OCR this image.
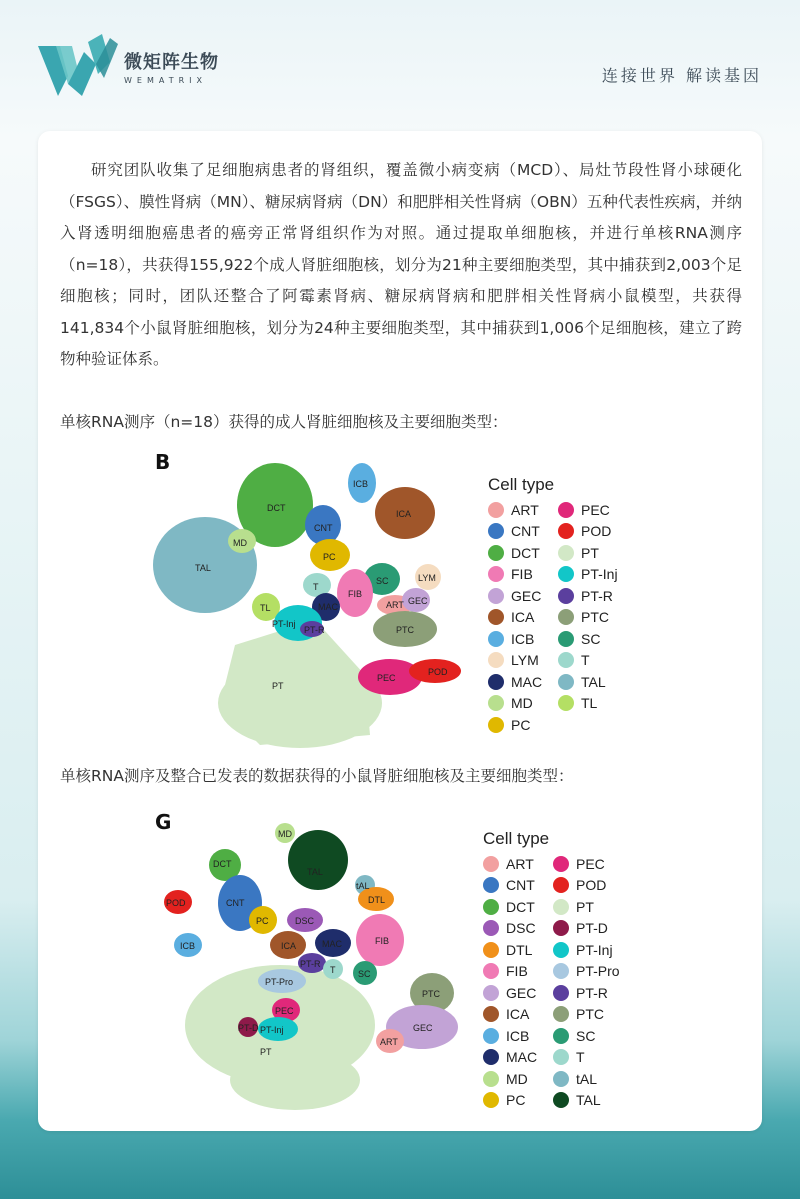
微矩阵生物
WEMATRIX	连接世界 解读基因

研究团队收集了足细胞病患者的肾组织，覆盖微小病变病（MCD）、局灶节段性肾小球硬化（FSGS）、膜性肾病（MN）、糖尿病肾病（DN）和肥胖相关性肾病（OBN）五种代表性疾病，并纳入肾透明细胞癌患者的癌旁正常肾组织作为对照。通过提取单细胞核，并进行单核RNA测序（n=18），共获得155,922个成人肾脏细胞核，划分为21种主要细胞类型，其中捕获到2,003个足细胞核；同时，团队还整合了阿霉素肾病、糖尿病肾病和肥胖相关性肾病小鼠模型，共获得141,834个小鼠肾脏细胞核，划分为24种主要细胞类型，其中捕获到1,006个足细胞核，建立了跨物种验证体系。

单核RNA测序（n=18）获得的成人肾脏细胞核及主要细胞类型：

单核RNA测序及整合已发表的数据获得的小鼠肾脏细胞核及主要细胞类型：

B
DCT
CNT
ICB
ICA
MD
PC
TAL
T
SC	LYM
TL
FIB
MAC	ART GEC
PT-Inj
PT-R	PTC
PT
PEC
POD
Cell type
ART	PEC
CNT	POD
DCT	PT
FIB	PT-Inj
GEC	PT-R
ICA	PTC
ICB	SC
LYM	T
MAC	TAL
MD	TL
PC
G	MD
TAL
DCT
tAL
POD	CNT	DTL
PC	DSC
ICB	ICA	MAC
PT-R
FIB
T
PT-Pro
SC
PTC
PEC
PT-Inj	GEC
PT
PT-D
ART
Cell type
ART	PEC
CNT	POD
DCT	PT
DSC	PT-D
DTL	PT-Inj
FIB	PT-Pro
GEC	PT-R
ICA	PTC
ICB	SC
MAC	T
MD	tAL
PC	TAL
